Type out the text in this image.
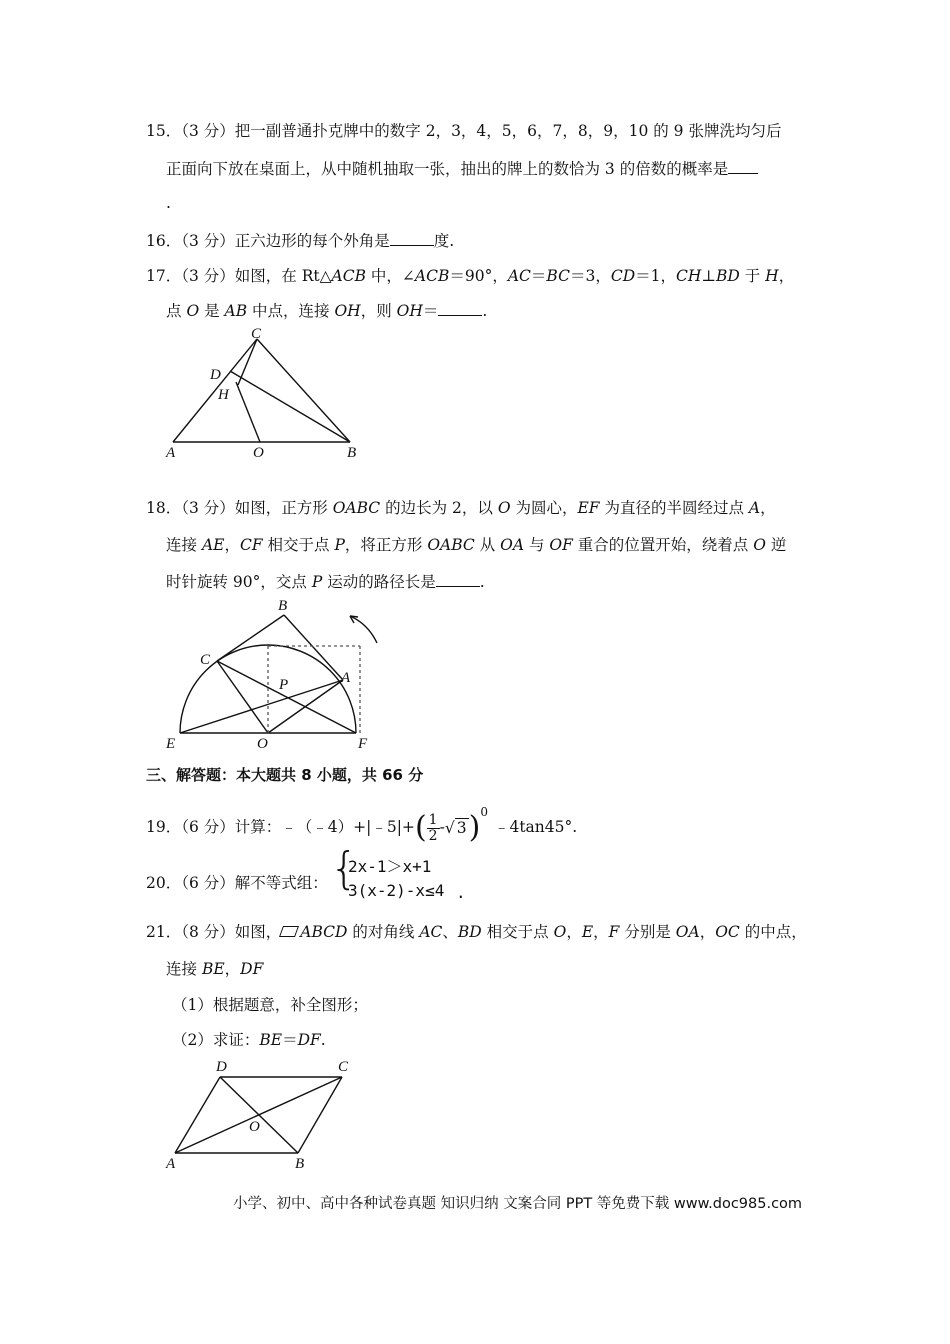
15．（3 分）把一副普通扑克牌中的数字 2，3，4，5，6，7，8，9，10 的 9 张牌洗均匀后
正面向下放在桌面上，从中随机抽取一张，抽出的牌上的数恰为 3 的倍数的概率是
.
16．（3 分）正六边形的每个外角是	度.
17．（3 分）如图，在 Rt△ACB 中，∠ACB＝90°，AC＝BC＝3，CD＝1，CH⊥BD 于 H，
点 O 是 AB 中点，连接 OH，则 OH＝	.
C
D
H
A	O	B
18．（3 分）如图，正方形 OABC 的边长为 2，以 O 为圆心，EF 为直径的半圆经过点 A，
连接 AE，CF 相交于点 P，将正方形 OABC 从 OA 与 OF 重合的位置开始，绕着点 O 逆
时针旋转 90°，交点 P 运动的路径长是	.
B
C
P	A
E	O	F
三、解答题：本大题共 8 小题，共 66 分
19．（6 分）计算：﹣（﹣4）+|﹣5|+( $\frac{1}{2}$ -√ 3)$^0$﹣4tan45°.
20．（6 分）解不等式组： {
2x-1＞x+1
3(x-2)-x≤4 .
21．（8 分）如图， ABCD 的对角线 AC、BD 相交于点 O，E，F 分别是 OA，OC 的中点，
连接 BE，DF
（1）根据题意，补全图形；
（2）求证：BE＝DF.
D	C
O
A	B
小学、初中、高中各种试卷真题 知识归纳 文案合同 PPT 等免费下载 www.doc985.com
